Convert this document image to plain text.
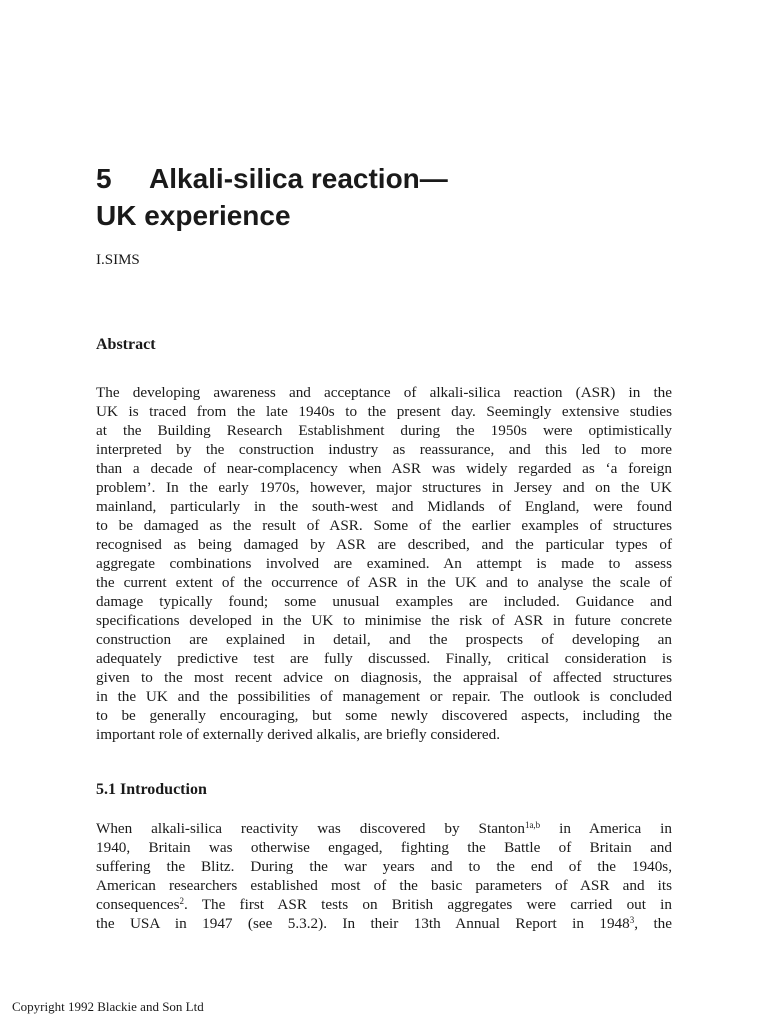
5 Alkali-silica reaction—
UK experience
I.SIMS
Abstract
The developing awareness and acceptance of alkali-silica reaction (ASR) in the
UK is traced from the late 1940s to the present day. Seemingly extensive studies
at the Building Research Establishment during the 1950s were optimistically
interpreted by the construction industry as reassurance, and this led to more
than a decade of near-complacency when ASR was widely regarded as ‘a foreign
problem’. In the early 1970s, however, major structures in Jersey and on the UK
mainland, particularly in the south-west and Midlands of England, were found
to be damaged as the result of ASR. Some of the earlier examples of structures
recognised as being damaged by ASR are described, and the particular types of
aggregate combinations involved are examined. An attempt is made to assess
the current extent of the occurrence of ASR in the UK and to analyse the scale of
damage typically found; some unusual examples are included. Guidance and
specifications developed in the UK to minimise the risk of ASR in future concrete
construction are explained in detail, and the prospects of developing an
adequately predictive test are fully discussed. Finally, critical consideration is
given to the most recent advice on diagnosis, the appraisal of affected structures
in the UK and the possibilities of management or repair. The outlook is concluded
to be generally encouraging, but some newly discovered aspects, including the
important role of externally derived alkalis, are briefly considered.
5.1 Introduction
When alkali-silica reactivity was discovered by Stanton$^{1a,b}$ in America in
1940, Britain was otherwise engaged, fighting the Battle of Britain and
suffering the Blitz. During the war years and to the end of the 1940s,
American researchers established most of the basic parameters of ASR and its
consequences$^2$. The first ASR tests on British aggregates were carried out in
the USA in 1947 (see 5.3.2). In their 13th Annual Report in 1948$^3$, the
Copyright 1992 Blackie and Son Ltd
